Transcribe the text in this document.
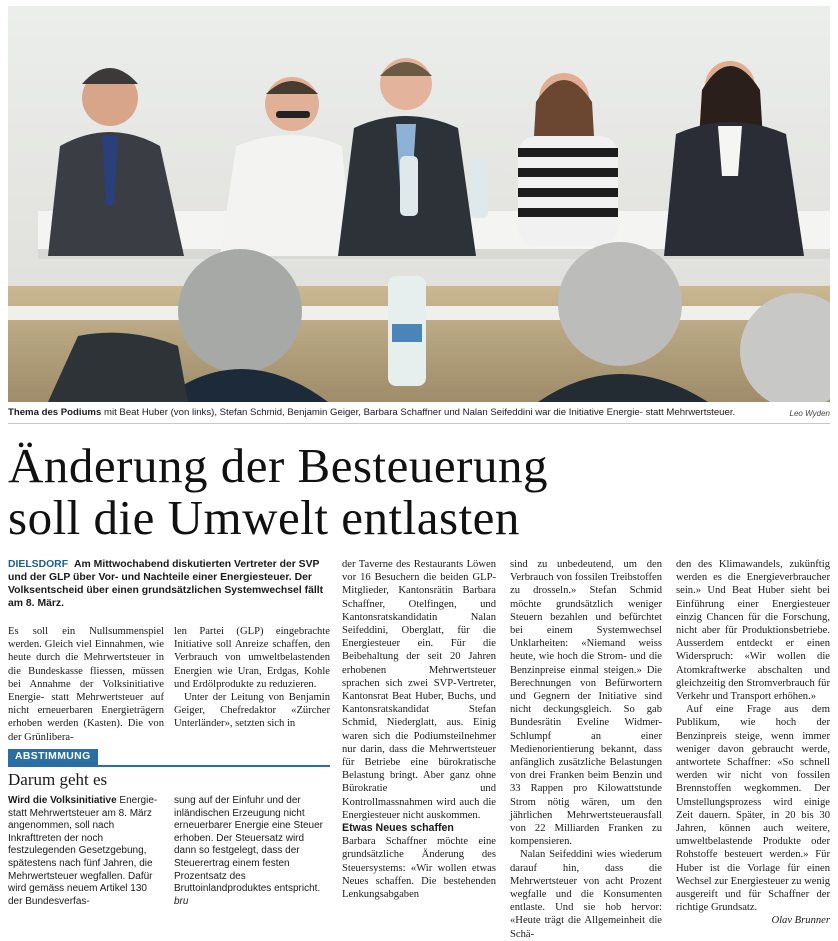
Thema des Podiums mit Beat Huber (von links), Stefan Schmid, Benjamin Geiger, Barbara Schaffner und Nalan Seifeddini war die Initiative Energie- statt Mehrwertsteuer.	Leo Wyden
Änderung der Besteuerung
soll die Umwelt entlasten

DIELSDORF Am Mittwochabend diskutierten Vertreter der SVP und der GLP über Vor- und Nachteile einer Energiesteuer. Der Volksentscheid über einen grundsätzlichen Systemwechsel fällt am 8. März.

Es soll ein Nullsummenspiel werden. Gleich viel Einnahmen, wie heute durch die Mehrwertsteuer in die Bundeskasse fliessen, müssen bei Annahme der Volksinitiative Energie- statt Mehrwertsteuer auf nicht erneuerbaren Energieträgern erhoben werden (Kasten). Die von der Grünlibera-

len Partei (GLP) eingebrachte Initiative soll Anreize schaffen, den Verbrauch von umweltbelastenden Energien wie Uran, Erdgas, Kohle und Erdölprodukte zu reduzieren.

Unter der Leitung von Benjamin Geiger, Chefredaktor «Zürcher Unterländer», setzten sich in

ABSTIMMUNG
Darum geht es
Wird die Volksinitiative Energie- statt Mehrwertsteuer am 8. März angenommen, soll nach Inkrafttreten der noch festzulegenden Gesetzgebung, spätestens nach fünf Jahren, die Mehrwertsteuer wegfallen. Dafür wird gemäss neuem Artikel 130 der Bundesverfas-
sung auf der Einfuhr und der inländischen Erzeugung nicht erneuerbarer Energie eine Steuer erhoben. Der Steuersatz wird dann so festgelegt, dass der Steuerertrag einem festen Prozentsatz des Bruttoinlandproduktes entspricht. bru

der Taverne des Restaurants Löwen vor 16 Besuchern die beiden GLP-Mitglieder, Kantonsrätin Barbara Schaffner, Otelfingen, und Kantonsratskandidatin Nalan Seifeddini, Oberglatt, für die Energiesteuer ein. Für die Beibehaltung der seit 20 Jahren erhobenen Mehrwertsteuer sprachen sich zwei SVP-Vertreter, Kantonsrat Beat Huber, Buchs, und Kantonsratskandidat Stefan Schmid, Niederglatt, aus. Einig waren sich die Podiumsteilnehmer nur darin, dass die Mehrwertsteuer für Betriebe eine bürokratische Belastung bringt. Aber ganz ohne Bürokratie und Kontrollmassnahmen wird auch die Energiesteuer nicht auskommen.

Etwas Neues schaffen

Barbara Schaffner möchte eine grundsätzliche Änderung des Steuersystems: «Wir wollen etwas Neues schaffen. Die bestehenden Lenkungsabgaben

sind zu unbedeutend, um den Verbrauch von fossilen Treibstoffen zu drosseln.» Stefan Schmid möchte grundsätzlich weniger Steuern bezahlen und befürchtet bei einem Systemwechsel Unklarheiten: «Niemand weiss heute, wie hoch die Strom- und die Benzinpreise einmal steigen.» Die Berechnungen von Befürwortern und Gegnern der Initiative sind nicht deckungsgleich. So gab Bundesrätin Eveline Widmer-Schlumpf an einer Medienorientierung bekannt, dass anfänglich zusätzliche Belastungen von drei Franken beim Benzin und 33 Rappen pro Kilowattstunde Strom nötig wären, um den jährlichen Mehrwertsteuerausfall von 22 Milliarden Franken zu kompensieren.

Nalan Seifeddini wies wiederum darauf hin, dass die Mehrwertsteuer von acht Prozent wegfalle und die Konsumenten entlaste. Und sie hob hervor: «Heute trägt die Allgemeinheit die Schä-

den des Klimawandels, zukünftig werden es die Energieverbraucher sein.» Und Beat Huber sieht bei Einführung einer Energiesteuer einzig Chancen für die Forschung, nicht aber für Produktionsbetriebe. Ausserdem entdeckt er einen Widerspruch: «Wir wollen die Atomkraftwerke abschalten und gleichzeitig den Stromverbrauch für Verkehr und Transport erhöhen.»

Auf eine Frage aus dem Publikum, wie hoch der Benzinpreis steige, wenn immer weniger davon gebraucht werde, antwortete Schaffner: «So schnell werden wir nicht von fossilen Brennstoffen wegkommen. Der Umstellungsprozess wird einige Zeit dauern. Später, in 20 bis 30 Jahren, können auch weitere, umweltbelastende Produkte oder Rohstoffe besteuert werden.» Für Huber ist die Vorlage für einen Wechsel zur Energiesteuer zu wenig ausgereift und für Schaffner der richtige Grundsatz.

Olav Brunner
